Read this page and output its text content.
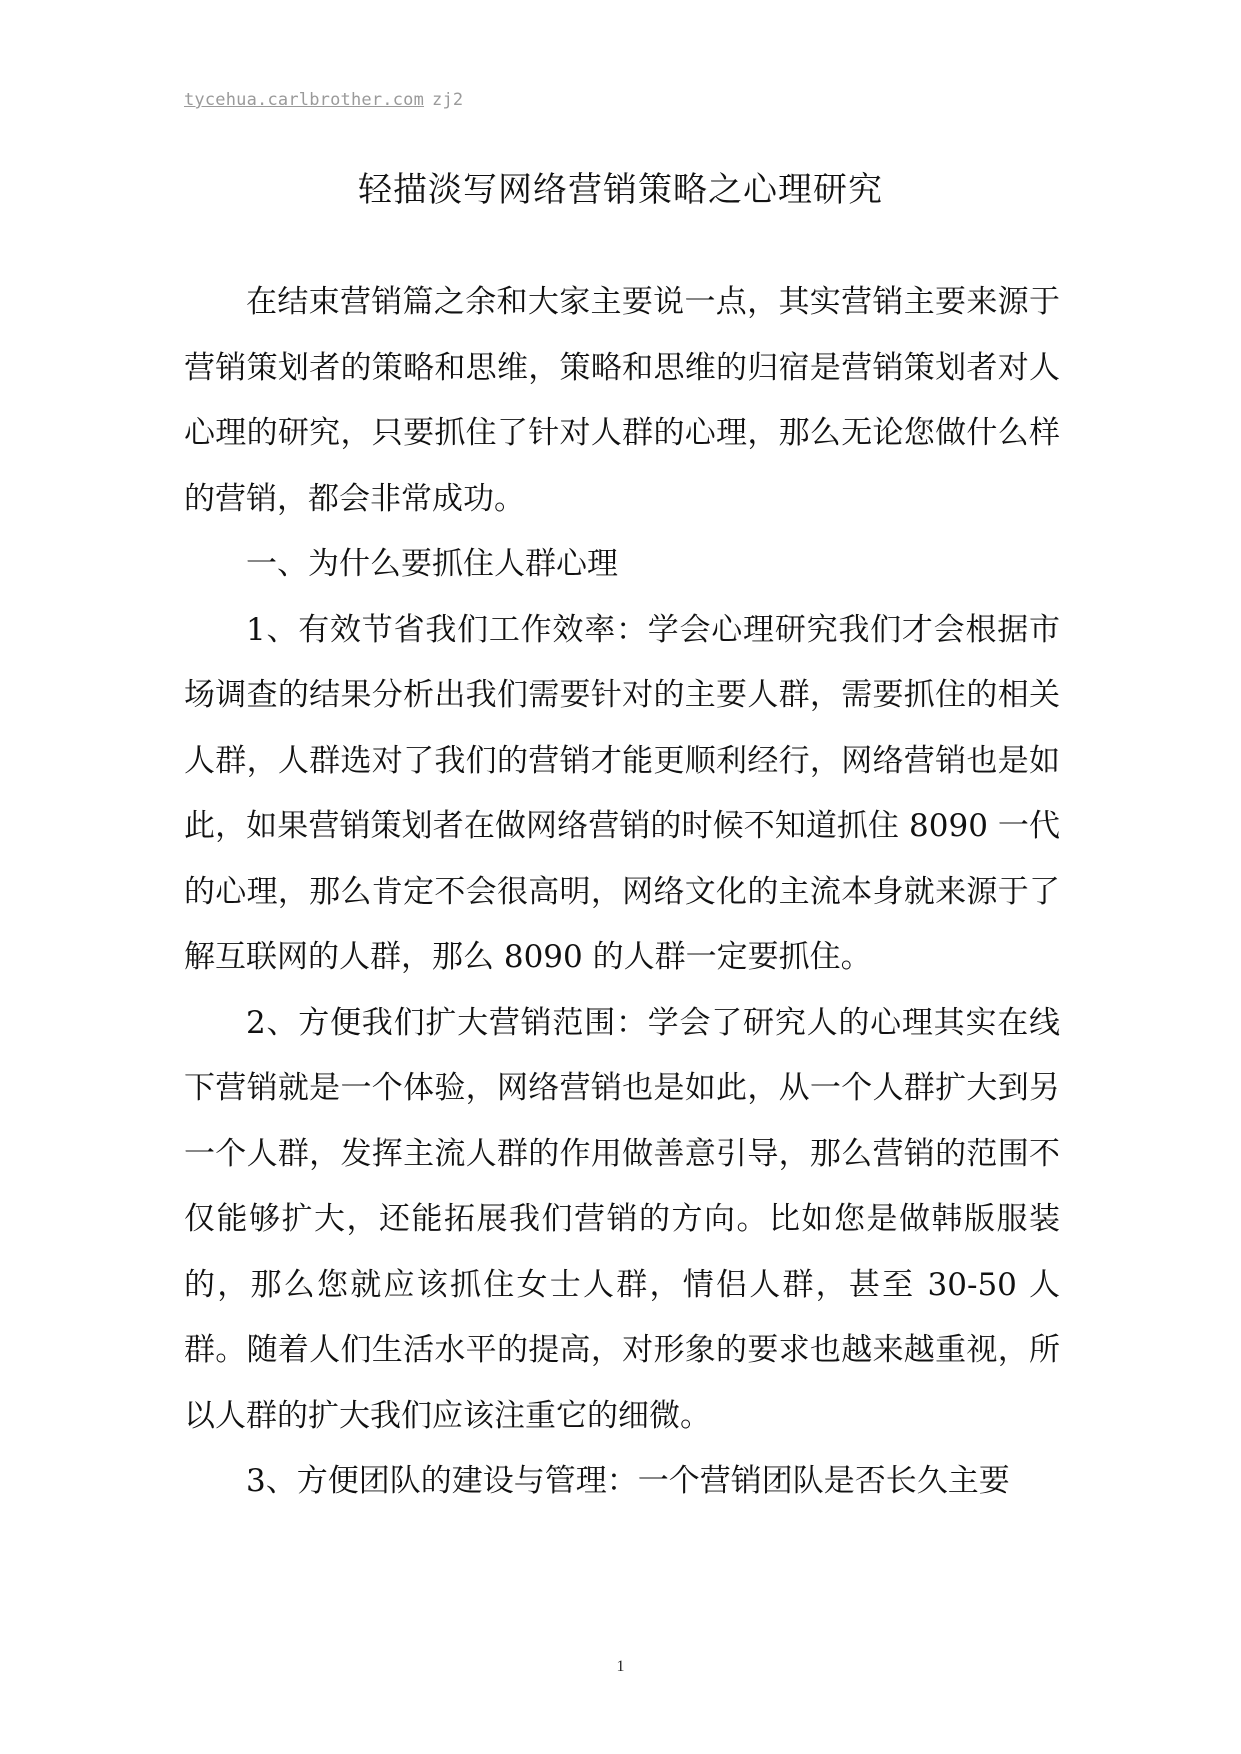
tycehua.carlbrother.com zj2
轻描淡写网络营销策略之心理研究

在结束营销篇之余和大家主要说一点，其实营销主要来源于营销策划者的策略和思维，策略和思维的归宿是营销策划者对人心理的研究，只要抓住了针对人群的心理，那么无论您做什么样的营销，都会非常成功。

一、为什么要抓住人群心理

1、有效节省我们工作效率：学会心理研究我们才会根据市场调查的结果分析出我们需要针对的主要人群，需要抓住的相关人群，人群选对了我们的营销才能更顺利经行，网络营销也是如此，如果营销策划者在做网络营销的时候不知道抓住 8090 一代的心理，那么肯定不会很高明，网络文化的主流本身就来源于了解互联网的人群，那么 8090 的人群一定要抓住。

2、方便我们扩大营销范围：学会了研究人的心理其实在线下营销就是一个体验，网络营销也是如此，从一个人群扩大到另一个人群，发挥主流人群的作用做善意引导，那么营销的范围不仅能够扩大，还能拓展我们营销的方向。比如您是做韩版服装的，那么您就应该抓住女士人群，情侣人群，甚至 30-50 人群。随着人们生活水平的提高，对形象的要求也越来越重视，所以人群的扩大我们应该注重它的细微。

3、方便团队的建设与管理：一个营销团队是否长久主要

1
